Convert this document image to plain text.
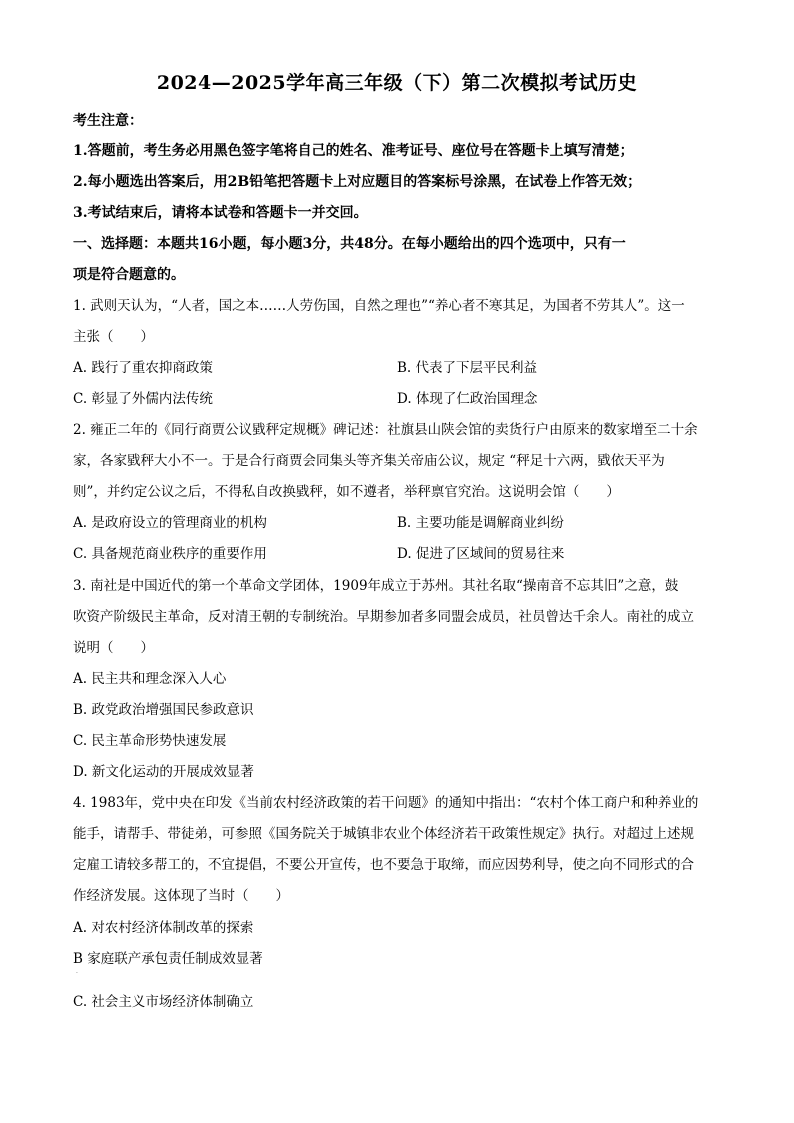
2024—2025学年高三年级（下）第二次模拟考试历史
考生注意：
1.答题前，考生务必用黑色签字笔将自己的姓名、准考证号、座位号在答题卡上填写清楚；
2.每小题选出答案后，用2B铅笔把答题卡上对应题目的答案标号涂黑，在试卷上作答无效；
3.考试结束后，请将本试卷和答题卡一并交回。
一、选择题：本题共16小题，每小题3分，共48分。在每小题给出的四个选项中，只有一
项是符合题意的。
1. 武则天认为，“人者，国之本……人劳伤国，自然之理也”“养心者不寒其足，为国者不劳其人”。这一
主张（　　）
A. 践行了重农抑商政策	B. 代表了下层平民利益
C. 彰显了外儒内法传统	D. 体现了仁政治国理念
2. 雍正二年的《同行商贾公议戥秤定规概》碑记述：社旗县山陕会馆的卖货行户由原来的数家增至二十余
家，各家戥秤大小不一。于是合行商贾会同集头等齐集关帝庙公议，规定 “秤足十六两，戥依天平为
则”，并约定公议之后，不得私自改换戥秤，如不遵者，举秤禀官究治。这说明会馆（　　）
A. 是政府设立的管理商业的机构	B. 主要功能是调解商业纠纷
C. 具备规范商业秩序的重要作用	D. 促进了区域间的贸易往来
3. 南社是中国近代的第一个革命文学团体，1909年成立于苏州。其社名取“操南音不忘其旧”之意，鼓
吹资产阶级民主革命，反对清王朝的专制统治。早期参加者多同盟会成员，社员曾达千余人。南社的成立
说明（　　）
A. 民主共和理念深入人心
B. 政党政治增强国民参政意识
C. 民主革命形势快速发展
D. 新文化运动的开展成效显著
4. 1983年，党中央在印发《当前农村经济政策的若干问题》的通知中指出：“农村个体工商户和种养业的
能手，请帮手、带徒弟，可参照《国务院关于城镇非农业个体经济若干政策性规定》执行。对超过上述规
定雇工请较多帮工的，不宜提倡，不要公开宣传，也不要急于取缔，而应因势利导，使之向不同形式的合
作经济发展。这体现了当时（　　）
A. 对农村经济体制改革的探索
B 家庭联产承包责任制成效显著
·
C. 社会主义市场经济体制确立
